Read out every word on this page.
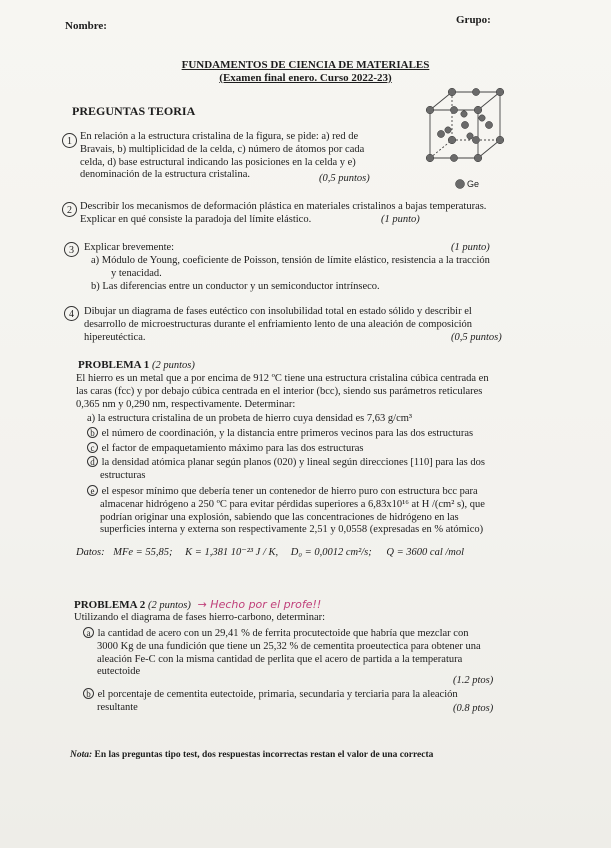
Nombre:	Grupo:
FUNDAMENTOS DE CIENCIA DE MATERIALES
(Examen final enero. Curso 2022-23)
PREGUNTAS TEORIA
Ge
1 En relación a la estructura cristalina de la figura, se pide: a) red de
Bravais, b) multiplicidad de la celda, c) número de átomos por cada
celda, d) base estructural indicando las posiciones en la celda y e)
denominación de la estructura cristalina.	(0,5 puntos)
2 Describir los mecanismos de deformación plástica en materiales cristalinos a bajas temperaturas.
Explicar en qué consiste la paradoja del límite elástico.	(1 punto)
3 Explicar brevemente:	(1 punto)
a) Módulo de Young, coeficiente de Poisson, tensión de límite elástico, resistencia a la tracción
y tenacidad.
b) Las diferencias entre un conductor y un semiconductor intrínseco.
4 Dibujar un diagrama de fases eutéctico con insolubilidad total en estado sólido y describir el
desarrollo de microestructuras durante el enfriamiento lento de una aleación de composición
hipereutéctica.	(0,5 puntos)
PROBLEMA 1 (2 puntos)
El hierro es un metal que a por encima de 912 ºC tiene una estructura cristalina cúbica centrada en
las caras (fcc) y por debajo cúbica centrada en el interior (bcc), siendo sus parámetros reticulares
0,365 nm y 0,290 nm, respectivamente. Determinar:
a) la estructura cristalina de un probeta de hierro cuya densidad es 7,63 g/cm³
b el número de coordinación, y la distancia entre primeros vecinos para las dos estructuras
c el factor de empaquetamiento máximo para las dos estructuras
d la densidad atómica planar según planos (020) y lineal según direcciones [110] para las dos
estructuras
e el espesor mínimo que debería tener un contenedor de hierro puro con estructura bcc para
almacenar hidrógeno a 250 ºC para evitar pérdidas superiores a 6,83x10¹⁶ at H /(cm² s), que
podrían originar una explosión, sabiendo que las concentraciones de hidrógeno en las
superficies interna y externa son respectivamente 2,51 y 0,0558 (expresadas en % atómico)
Datos: MFe = 55,85; K = 1,381 10⁻²³ J / K, D₀ = 0,0012 cm²/s; Q = 3600 cal /mol
PROBLEMA 2 (2 puntos) → Hecho por el profe!!
Utilizando el diagrama de fases hierro-carbono, determinar:
a la cantidad de acero con un 29,41 % de ferrita procutectoide que habría que mezclar con
3000 Kg de una fundición que tiene un 25,32 % de cementita proeutectica para obtener una
aleación Fe-C con la misma cantidad de perlita que el acero de partida a la temperatura
eutectoide
(1.2 ptos)
b el porcentaje de cementita eutectoide, primaria, secundaria y terciaria para la aleación
resultante	(0.8 ptos)
Nota: En las preguntas tipo test, dos respuestas incorrectas restan el valor de una correcta
